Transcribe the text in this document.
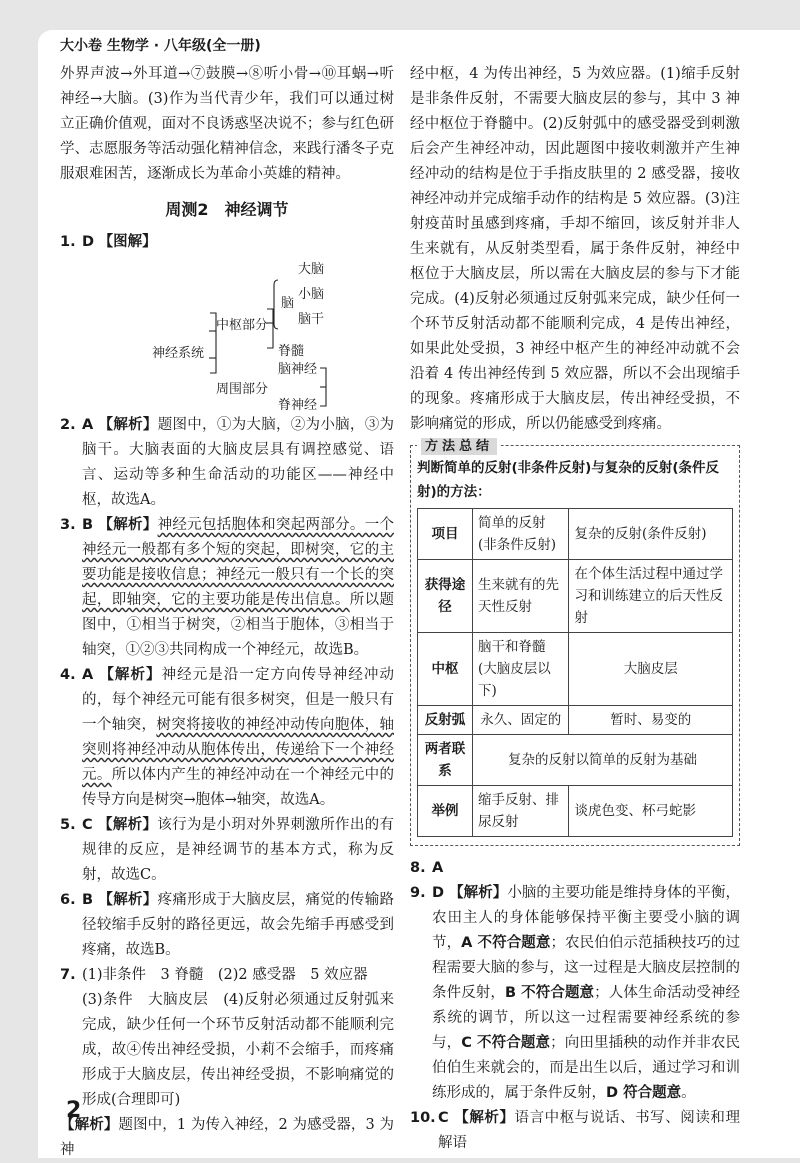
大小卷 生物学 · 八年级(全一册)
外界声波→外耳道→⑦鼓膜→⑧听小骨→⑩耳蜗→听神经→大脑。(3)作为当代青少年，我们可以通过树立正确价值观，面对不良诱惑坚决说不；参与红色研学、志愿服务等活动强化精神信念，来践行潘冬子克服艰难困苦，逐渐成长为革命小英雄的精神。
周测2　神经调节
1. D 【图解】
神经系统
中枢部分
周围部分
脑
大脑
小脑
脑干
脊髓
脑神经
脊神经
2. A 【解析】题图中，①为大脑，②为小脑，③为脑干。大脑表面的大脑皮层具有调控感觉、语言、运动等多种生命活动的功能区——神经中枢，故选A。
3. B 【解析】神经元包括胞体和突起两部分。一个神经元一般都有多个短的突起，即树突，它的主要功能是接收信息；神经元一般只有一个长的突起，即轴突，它的主要功能是传出信息。所以题图中，①相当于树突，②相当于胞体，③相当于轴突，①②③共同构成一个神经元，故选B。
4. A 【解析】神经元是沿一定方向传导神经冲动的，每个神经元可能有很多树突，但是一般只有一个轴突，树突将接收的神经冲动传向胞体，轴突则将神经冲动从胞体传出，传递给下一个神经元。所以体内产生的神经冲动在一个神经元中的传导方向是树突→胞体→轴突，故选A。
5. C 【解析】该行为是小玥对外界刺激所作出的有规律的反应，是神经调节的基本方式，称为反射，故选C。
6. B 【解析】疼痛形成于大脑皮层，痛觉的传输路径较缩手反射的路径更远，故会先缩手再感受到疼痛，故选B。
7. (1)非条件　3 脊髓　(2)2 感受器　5 效应器
(3)条件　大脑皮层　(4)反射必须通过反射弧来完成，缺少任何一个环节反射活动都不能顺利完成，故④传出神经受损，小莉不会缩手，而疼痛形成于大脑皮层，传出神经受损，不影响痛觉的形成(合理即可)
【解析】题图中，1 为传入神经，2 为感受器，3 为神
经中枢，4 为传出神经，5 为效应器。(1)缩手反射是非条件反射，不需要大脑皮层的参与，其中 3 神经中枢位于脊髓中。(2)反射弧中的感受器受到刺激后会产生神经冲动，因此题图中接收刺激并产生神经冲动的结构是位于手指皮肤里的 2 感受器，接收神经冲动并完成缩手动作的结构是 5 效应器。(3)注射疫苗时虽感到疼痛，手却不缩回，该反射并非人生来就有，从反射类型看，属于条件反射，神经中枢位于大脑皮层，所以需在大脑皮层的参与下才能完成。(4)反射必须通过反射弧来完成，缺少任何一个环节反射活动都不能顺利完成，4 是传出神经，如果此处受损，3 神经中枢产生的神经冲动就不会沿着 4 传出神经传到 5 效应器，所以不会出现缩手的现象。疼痛形成于大脑皮层，传出神经受损，不影响痛觉的形成，所以仍能感受到疼痛。
方法总结
判断简单的反射(非条件反射)与复杂的反射(条件反射)的方法：
项目	简单的反射(非条件反射)	复杂的反射(条件反射)
获得途径	生来就有的先天性反射	在个体生活过程中通过学习和训练建立的后天性反射
中枢	脑干和脊髓(大脑皮层以下)	大脑皮层
反射弧	永久、固定的	暂时、易变的
两者联系	复杂的反射以简单的反射为基础	
举例	缩手反射、排尿反射	谈虎色变、杯弓蛇影
8. A
9. D 【解析】小脑的主要功能是维持身体的平衡，农田主人的身体能够保持平衡主要受小脑的调节，A 不符合题意；农民伯伯示范插秧技巧的过程需要大脑的参与，这一过程是大脑皮层控制的条件反射，B 不符合题意；人体生命活动受神经系统的调节，所以这一过程需要神经系统的参与，C 不符合题意；向田里插秧的动作并非农民伯伯生来就会的，而是出生以后，通过学习和训练形成的，属于条件反射，D 符合题意。
10. C 【解析】语言中枢与说话、书写、阅读和理解语
2
